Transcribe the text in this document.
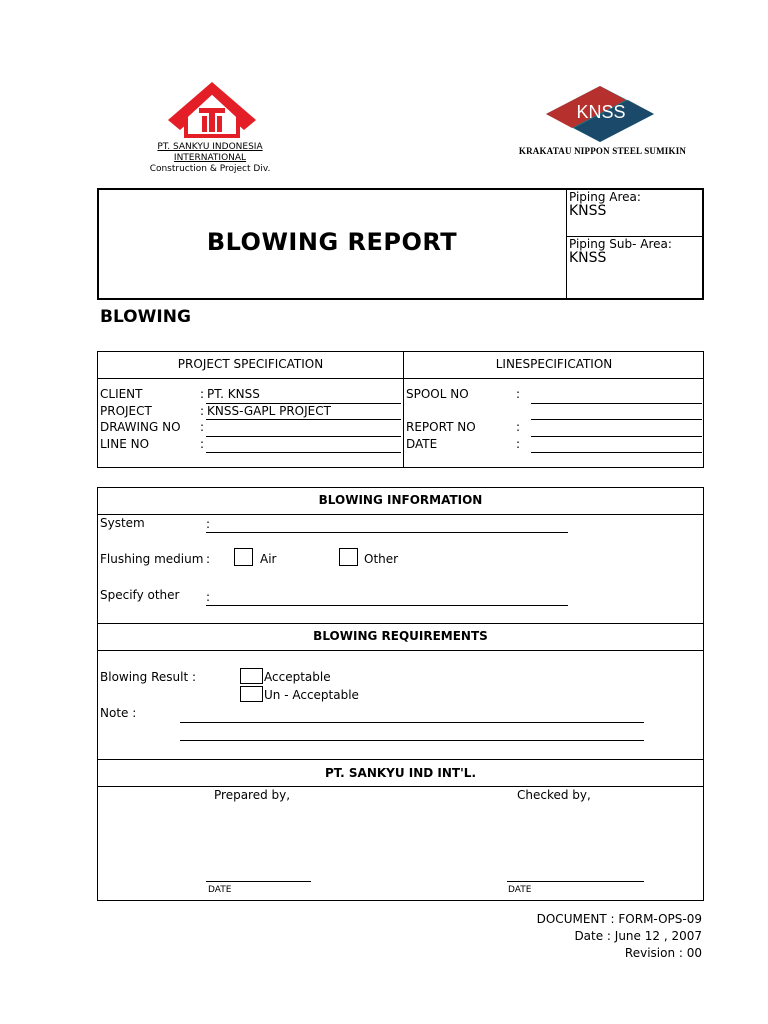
PT. SANKYU INDONESIA
INTERNATIONAL
Construction & Project Div.
KNSS
KRAKATAU NIPPON STEEL SUMIKIN
BLOWING REPORT
Piping Area:
KNSS
Piping Sub- Area:
KNSS
BLOWING
PROJECT SPECIFICATION	LINESPECIFICATION
CLIENT	: PT. KNSS
PROJECT	: KNSS-GAPL PROJECT
DRAWING NO	:
LINE NO	:
SPOOL NO	:
REPORT NO	:
DATE	:
BLOWING INFORMATION
System	:
Flushing medium :	Air	Other
Specify other :
BLOWING REQUIREMENTS
Blowing Result :	Acceptable
Un - Acceptable
Note :
PT. SANKYU IND INT'L.
Prepared by,	Checked by,
DATE	DATE
DOCUMENT : FORM-OPS-09
Date : June 12 , 2007
Revision : 00
